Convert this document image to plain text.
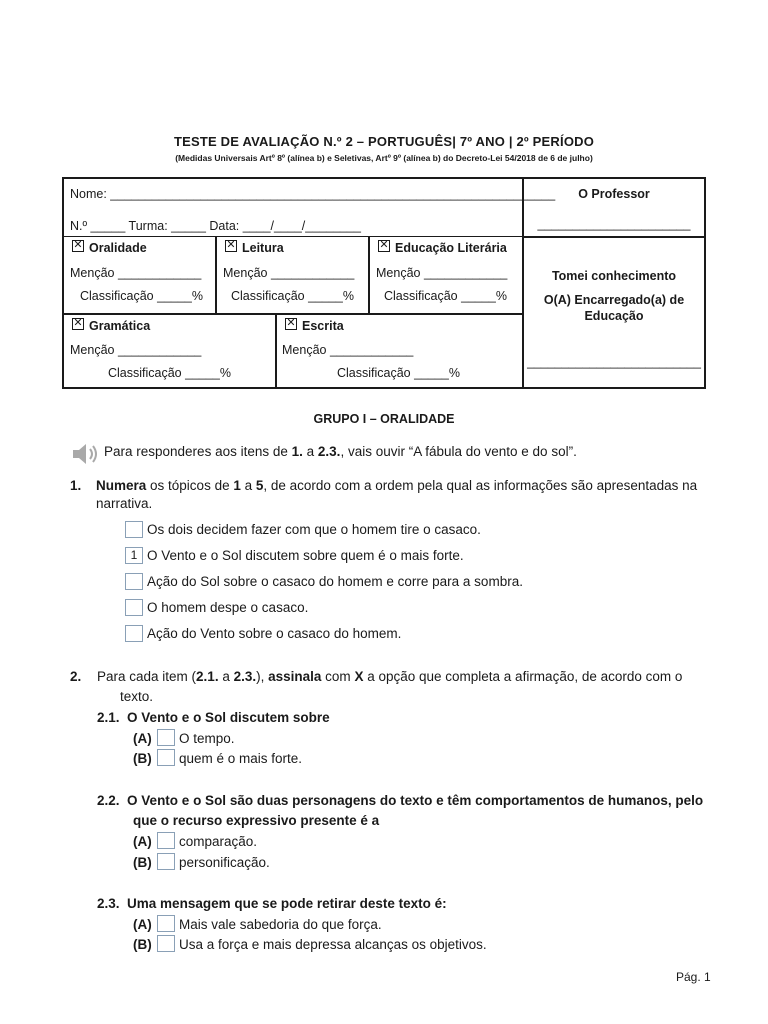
TESTE DE AVALIAÇÃO N.º 2 – PORTUGUÊS| 7º ANO | 2º PERÍODO
(Medidas Universais Artº 8º (alínea b) e Seletivas, Artº 9º (alínea b) do Decreto-Lei 54/2018 de 6 de julho)
Nome: ________________________________________________________________
N.º _____ Turma: _____ Data: ____/____/________
O Professor
______________________
Tomei conhecimento
O(A) Encarregado(a) de
Educação
_________________________
✕ Oralidade
Menção ____________
Classificação _____%
✕ Leitura
Menção ____________
Classificação _____%
✕ Educação Literária
Menção ____________
Classificação _____%
✕ Gramática
Menção ____________
Classificação _____%
✕ Escrita
Menção ____________
Classificação _____%
GRUPO I – ORALIDADE
Para responderes aos itens de 1. a 2.3., vais ouvir “A fábula do vento e do sol”.
1. Numera os tópicos de 1 a 5, de acordo com a ordem pela qual as informações são apresentadas na
narrativa.
Os dois decidem fazer com que o homem tire o casaco.
1 O Vento e o Sol discutem sobre quem é o mais forte.
Ação do Sol sobre o casaco do homem e corre para a sombra.
O homem despe o casaco.
Ação do Vento sobre o casaco do homem.
2. Para cada item (2.1. a 2.3.), assinala com X a opção que completa a afirmação, de acordo com o
texto.
2.1. O Vento e o Sol discutem sobre
(A) O tempo.
(B) quem é o mais forte.
2.2. O Vento e o Sol são duas personagens do texto e têm comportamentos de humanos, pelo
que o recurso expressivo presente é a
(A) comparação.
(B) personificação.
2.3. Uma mensagem que se pode retirar deste texto é:
(A) Mais vale sabedoria do que força.
(B) Usa a força e mais depressa alcanças os objetivos.
Pág. 1
